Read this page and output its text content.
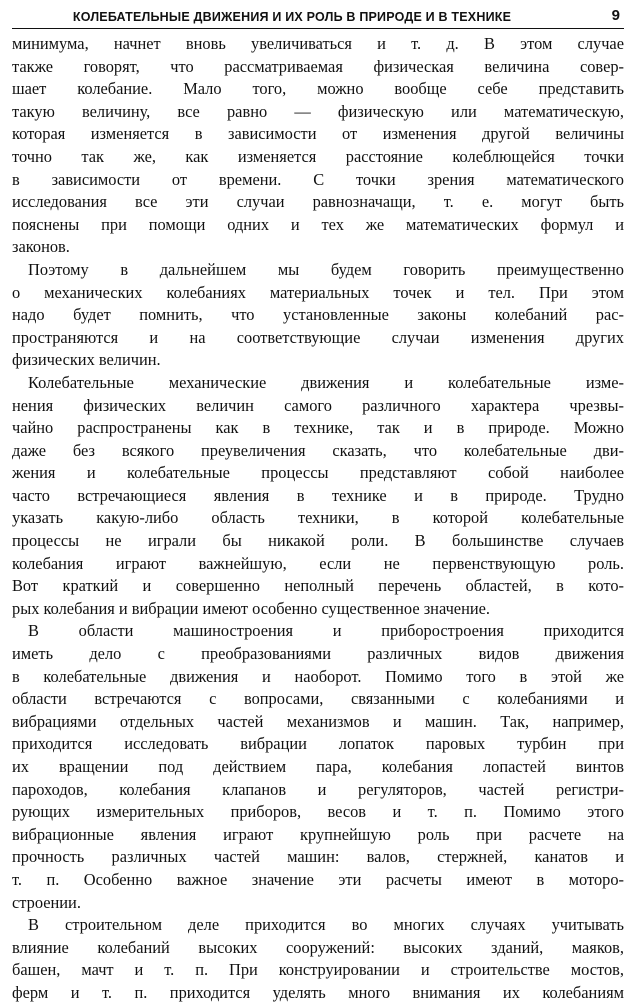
КОЛЕБАТЕЛЬНЫЕ ДВИЖЕНИЯ И ИХ РОЛЬ В ПРИРОДЕ И В ТЕХНИКЕ	9

минимума, начнет вновь увеличиваться и т. д. В этом случае
также говорят, что рассматриваемая физическая величина совер-
шает колебание. Мало того, можно вообще себе представить
такую величину, все равно — физическую или математическую,
которая изменяется в зависимости от изменения другой величины
точно так же, как изменяется расстояние колеблющейся точки
в зависимости от времени. С точки зрения математического
исследования все эти случаи равнозначащи, т. е. могут быть
пояснены при помощи одних и тех же математических формул и
законов.

Поэтому в дальнейшем мы будем говорить преимущественно
о механических колебаниях материальных точек и тел. При этом
надо будет помнить, что установленные законы колебаний рас-
пространяются и на соответствующие случаи изменения других
физических величин.

Колебательные механические движения и колебательные изме-
нения физических величин самого различного характера чрезвы-
чайно распространены как в технике, так и в природе. Можно
даже без всякого преувеличения сказать, что колебательные дви-
жения и колебательные процессы представляют собой наиболее
часто встречающиеся явления в технике и в природе. Трудно
указать какую-либо область техники, в которой колебательные
процессы не играли бы никакой роли. В большинстве случаев
колебания играют важнейшую, если не первенствующую роль.
Вот краткий и совершенно неполный перечень областей, в кото-
рых колебания и вибрации имеют особенно существенное значение.

В области машиностроения и приборостроения приходится
иметь дело с преобразованиями различных видов движения
в колебательные движения и наоборот. Помимо того в этой же
области встречаются с вопросами, связанными с колебаниями и
вибрациями отдельных частей механизмов и машин. Так, например,
приходится исследовать вибрации лопаток паровых турбин при
их вращении под действием пара, колебания лопастей винтов
пароходов, колебания клапанов и регуляторов, частей регистри-
рующих измерительных приборов, весов и т. п. Помимо этого
вибрационные явления играют крупнейшую роль при расчете на
прочность различных частей машин: валов, стержней, канатов и
т. п. Особенно важное значение эти расчеты имеют в моторо-
строении.

В строительном деле приходится во многих случаях учитывать
влияние колебаний высоких сооружений: высоких зданий, маяков,
башен, мачт и т. п. При конструировании и строительстве мостов,
ферм и т. п. приходится уделять много внимания их колебаниям
